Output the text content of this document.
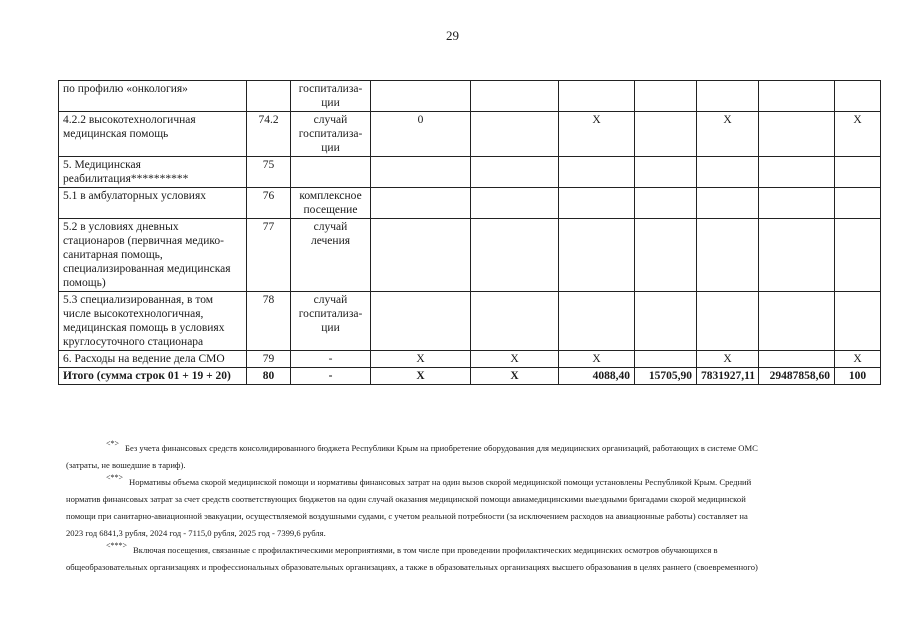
29
по профилю «онкология»		госпитализа-
ции							
4.2.2 высокотехнологичная медицинская помощь	74.2	случай госпитализа-
ции	0		X		X		X
5. Медицинская реабилитация**********	75								
5.1 в амбулаторных условиях	76	комплексное посещение							
5.2 в условиях дневных стационаров (первичная медико-санитарная помощь, специализированная медицинская помощь)	77	случай лечения							
5.3 специализированная, в том числе высокотехнологичная, медицинская помощь в условиях круглосуточного стационара	78	случай госпитализа-
ции							
6. Расходы на ведение дела СМО	79	-	X	X	X		X		X
Итого (сумма строк 01 + 19 + 20)	80	-	X	X	4088,40	15705,90	7831927,11	29487858,60	100
<*> Без учета финансовых средств консолидированного бюджета Республики Крым на приобретение оборудования для медицинских организаций, работающих в системе ОМС
(затраты, не вошедшие в тариф).
<**> Нормативы объема скорой медицинской помощи и нормативы финансовых затрат на один вызов скорой медицинской помощи установлены Республикой Крым. Средний
норматив финансовых затрат за счет средств соответствующих бюджетов на один случай оказания медицинской помощи авиамедицинскими выездными бригадами скорой медицинской
помощи при санитарно-авиационной эвакуации, осуществляемой воздушными судами, с учетом реальной потребности (за исключением расходов на авиационные работы) составляет на
2023 год 6841,3 рубля, 2024 год - 7115,0 рубля, 2025 год - 7399,6 рубля.
<***> Включая посещения, связанные с профилактическими мероприятиями, в том числе при проведении профилактических медицинских осмотров обучающихся в
общеобразовательных организациях и профессиональных образовательных организациях, а также в образовательных организациях высшего образования в целях раннего (своевременного)
